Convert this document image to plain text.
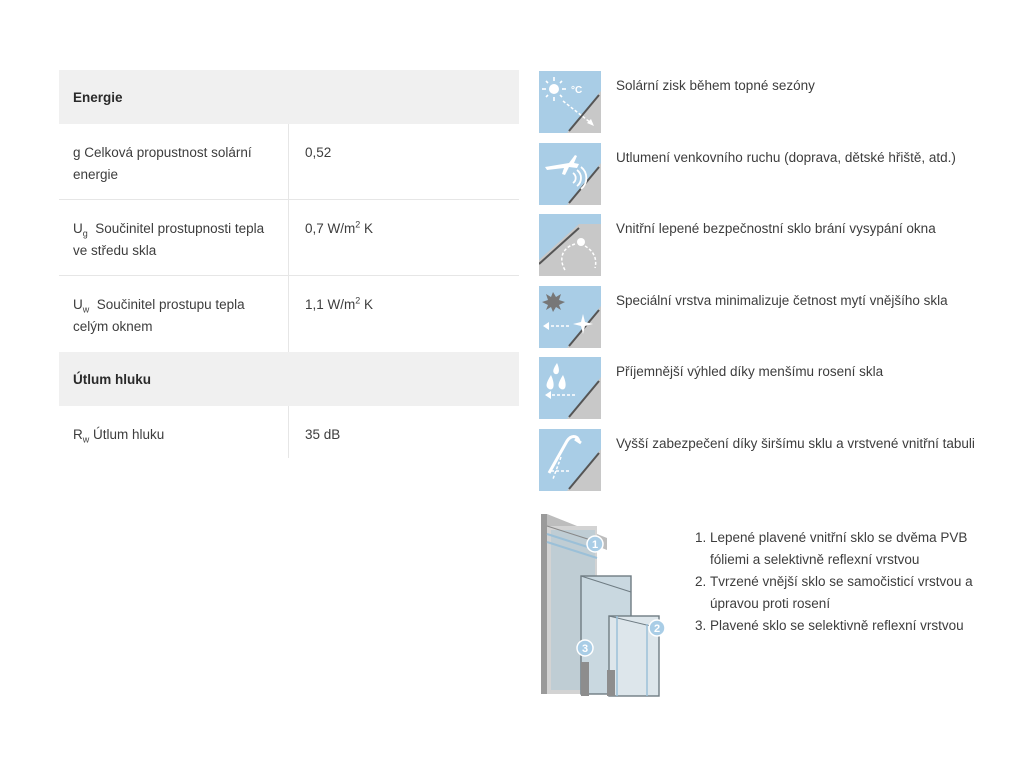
Energie
g Celková propustnost solární energie
0,52
$U_g$ Součinitel prostupnosti tepla ve středu skla
0,7 $W/m^2$ K
$U_w$ Součinitel prostupu tepla celým oknem
1,1 $W/m^2$ K
Útlum hluku
$R_w$ Útlum hluku	35 dB
°C	Solární zisk během topné sezóny
Utlumení venkovního ruchu (doprava, dětské hřiště, atd.)
Vnitřní lepené bezpečnostní sklo brání vysypání okna
Speciální vrstva minimalizuje četnost mytí vnějšího skla
Příjemnější výhled díky menšímu rosení skla
Vyšší zabezpečení díky širšímu sklu a vrstvené vnitřní tabuli
1
2
3
1. Lepené plavené vnitřní sklo se dvěma PVB fóliemi a selektivně reflexní vrstvou
2. Tvrzené vnější sklo se samočisticí vrstvou a úpravou proti rosení
3. Plavené sklo se selektivně reflexní vrstvou
